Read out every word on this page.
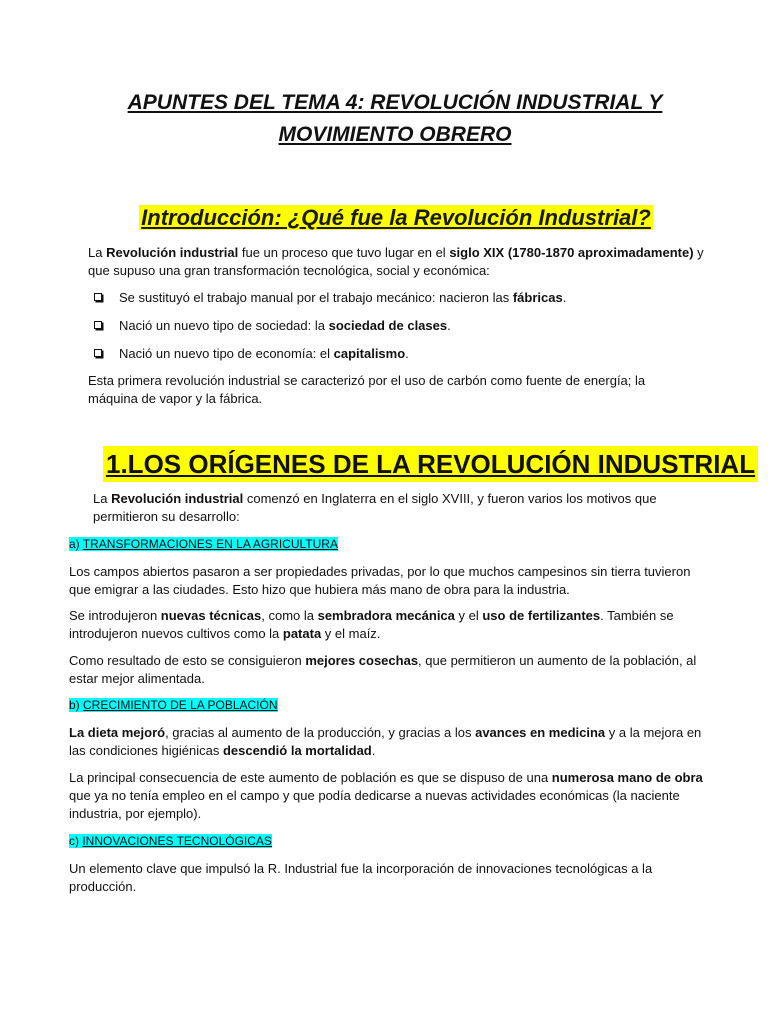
APUNTES DEL TEMA 4: REVOLUCIÓN INDUSTRIAL Y
MOVIMIENTO OBRERO
Introducción: ¿Qué fue la Revolución Industrial?
La Revolución industrial fue un proceso que tuvo lugar en el siglo XIX (1780-1870 aproximadamente) y
que supuso una gran transformación tecnológica, social y económica:
Se sustituyó el trabajo manual por el trabajo mecánico: nacieron las fábricas.
Nació un nuevo tipo de sociedad: la sociedad de clases.
Nació un nuevo tipo de economía: el capitalismo.
Esta primera revolución industrial se caracterizó por el uso de carbón como fuente de energía; la
máquina de vapor y la fábrica.
1.LOS ORÍGENES DE LA REVOLUCIÓN INDUSTRIAL
La Revolución industrial comenzó en Inglaterra en el siglo XVIII, y fueron varios los motivos que
permitieron su desarrollo:
a) TRANSFORMACIONES EN LA AGRICULTURA
Los campos abiertos pasaron a ser propiedades privadas, por lo que muchos campesinos sin tierra tuvieron
que emigrar a las ciudades. Esto hizo que hubiera más mano de obra para la industria.
Se introdujeron nuevas técnicas, como la sembradora mecánica y el uso de fertilizantes. También se
introdujeron nuevos cultivos como la patata y el maíz.
Como resultado de esto se consiguieron mejores cosechas, que permitieron un aumento de la población, al
estar mejor alimentada.
b) CRECIMIENTO DE LA POBLACIÓN
La dieta mejoró, gracias al aumento de la producción, y gracias a los avances en medicina y a la mejora en
las condiciones higiénicas descendió la mortalidad.
La principal consecuencia de este aumento de población es que se dispuso de una numerosa mano de obra
que ya no tenía empleo en el campo y que podía dedicarse a nuevas actividades económicas (la naciente
industria, por ejemplo).
c) INNOVACIONES TECNOLÓGICAS
Un elemento clave que impulsó la R. Industrial fue la incorporación de innovaciones tecnológicas a la
producción.
